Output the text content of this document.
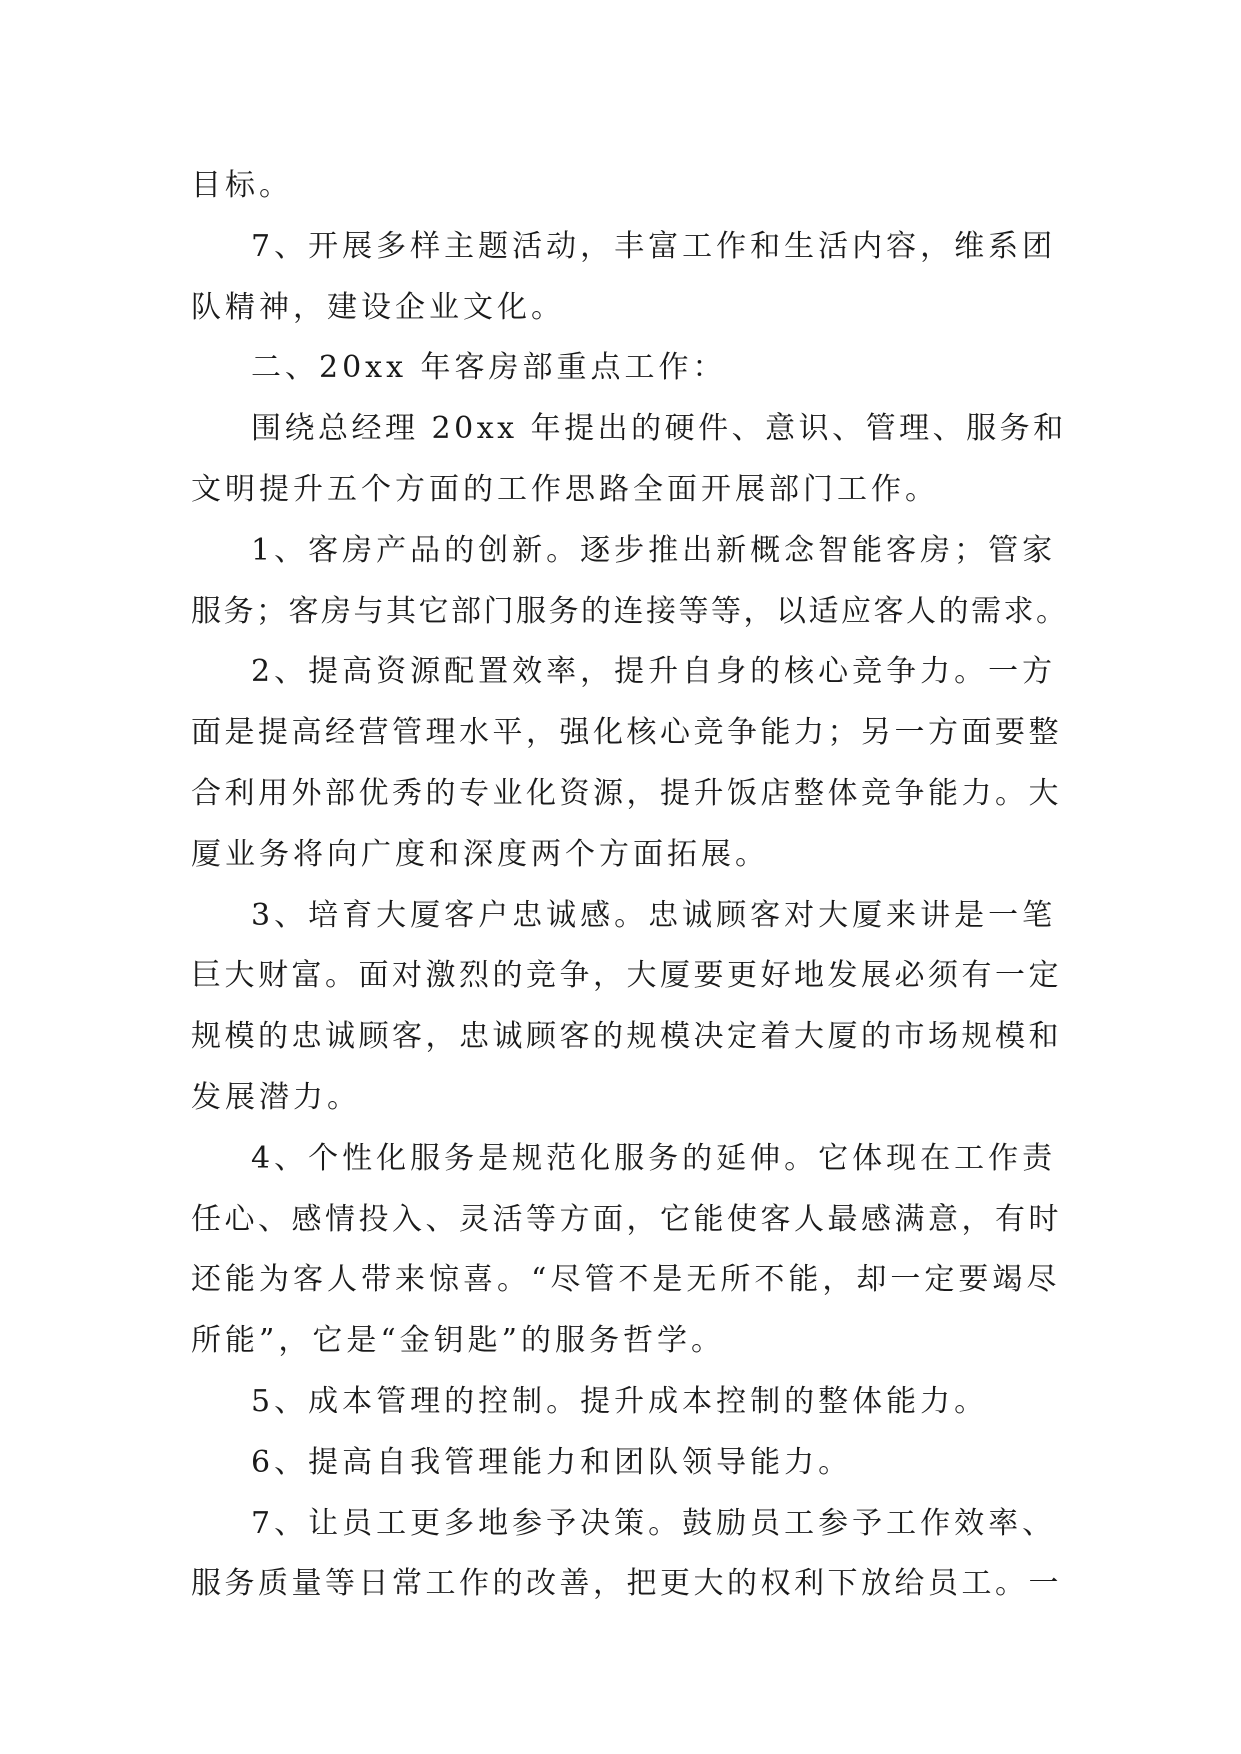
目标。
7、开展多样主题活动，丰富工作和生活内容，维系团
队精神，建设企业文化。
二、20xx 年客房部重点工作：
围绕总经理 20xx 年提出的硬件、意识、管理、服务和
文明提升五个方面的工作思路全面开展部门工作。
1、客房产品的创新。逐步推出新概念智能客房；管家
服务；客房与其它部门服务的连接等等，以适应客人的需求。
2、提高资源配置效率，提升自身的核心竞争力。一方
面是提高经营管理水平，强化核心竞争能力；另一方面要整
合利用外部优秀的专业化资源，提升饭店整体竞争能力。大
厦业务将向广度和深度两个方面拓展。
3、培育大厦客户忠诚感。忠诚顾客对大厦来讲是一笔
巨大财富。面对激烈的竞争，大厦要更好地发展必须有一定
规模的忠诚顾客，忠诚顾客的规模决定着大厦的市场规模和
发展潜力。
4、个性化服务是规范化服务的延伸。它体现在工作责
任心、感情投入、灵活等方面，它能使客人最感满意，有时
还能为客人带来惊喜。“尽管不是无所不能，却一定要竭尽
所能”，它是“金钥匙”的服务哲学。
5、成本管理的控制。提升成本控制的整体能力。
6、提高自我管理能力和团队领导能力。
7、让员工更多地参予决策。鼓励员工参予工作效率、
服务质量等日常工作的改善，把更大的权利下放给员工。一
